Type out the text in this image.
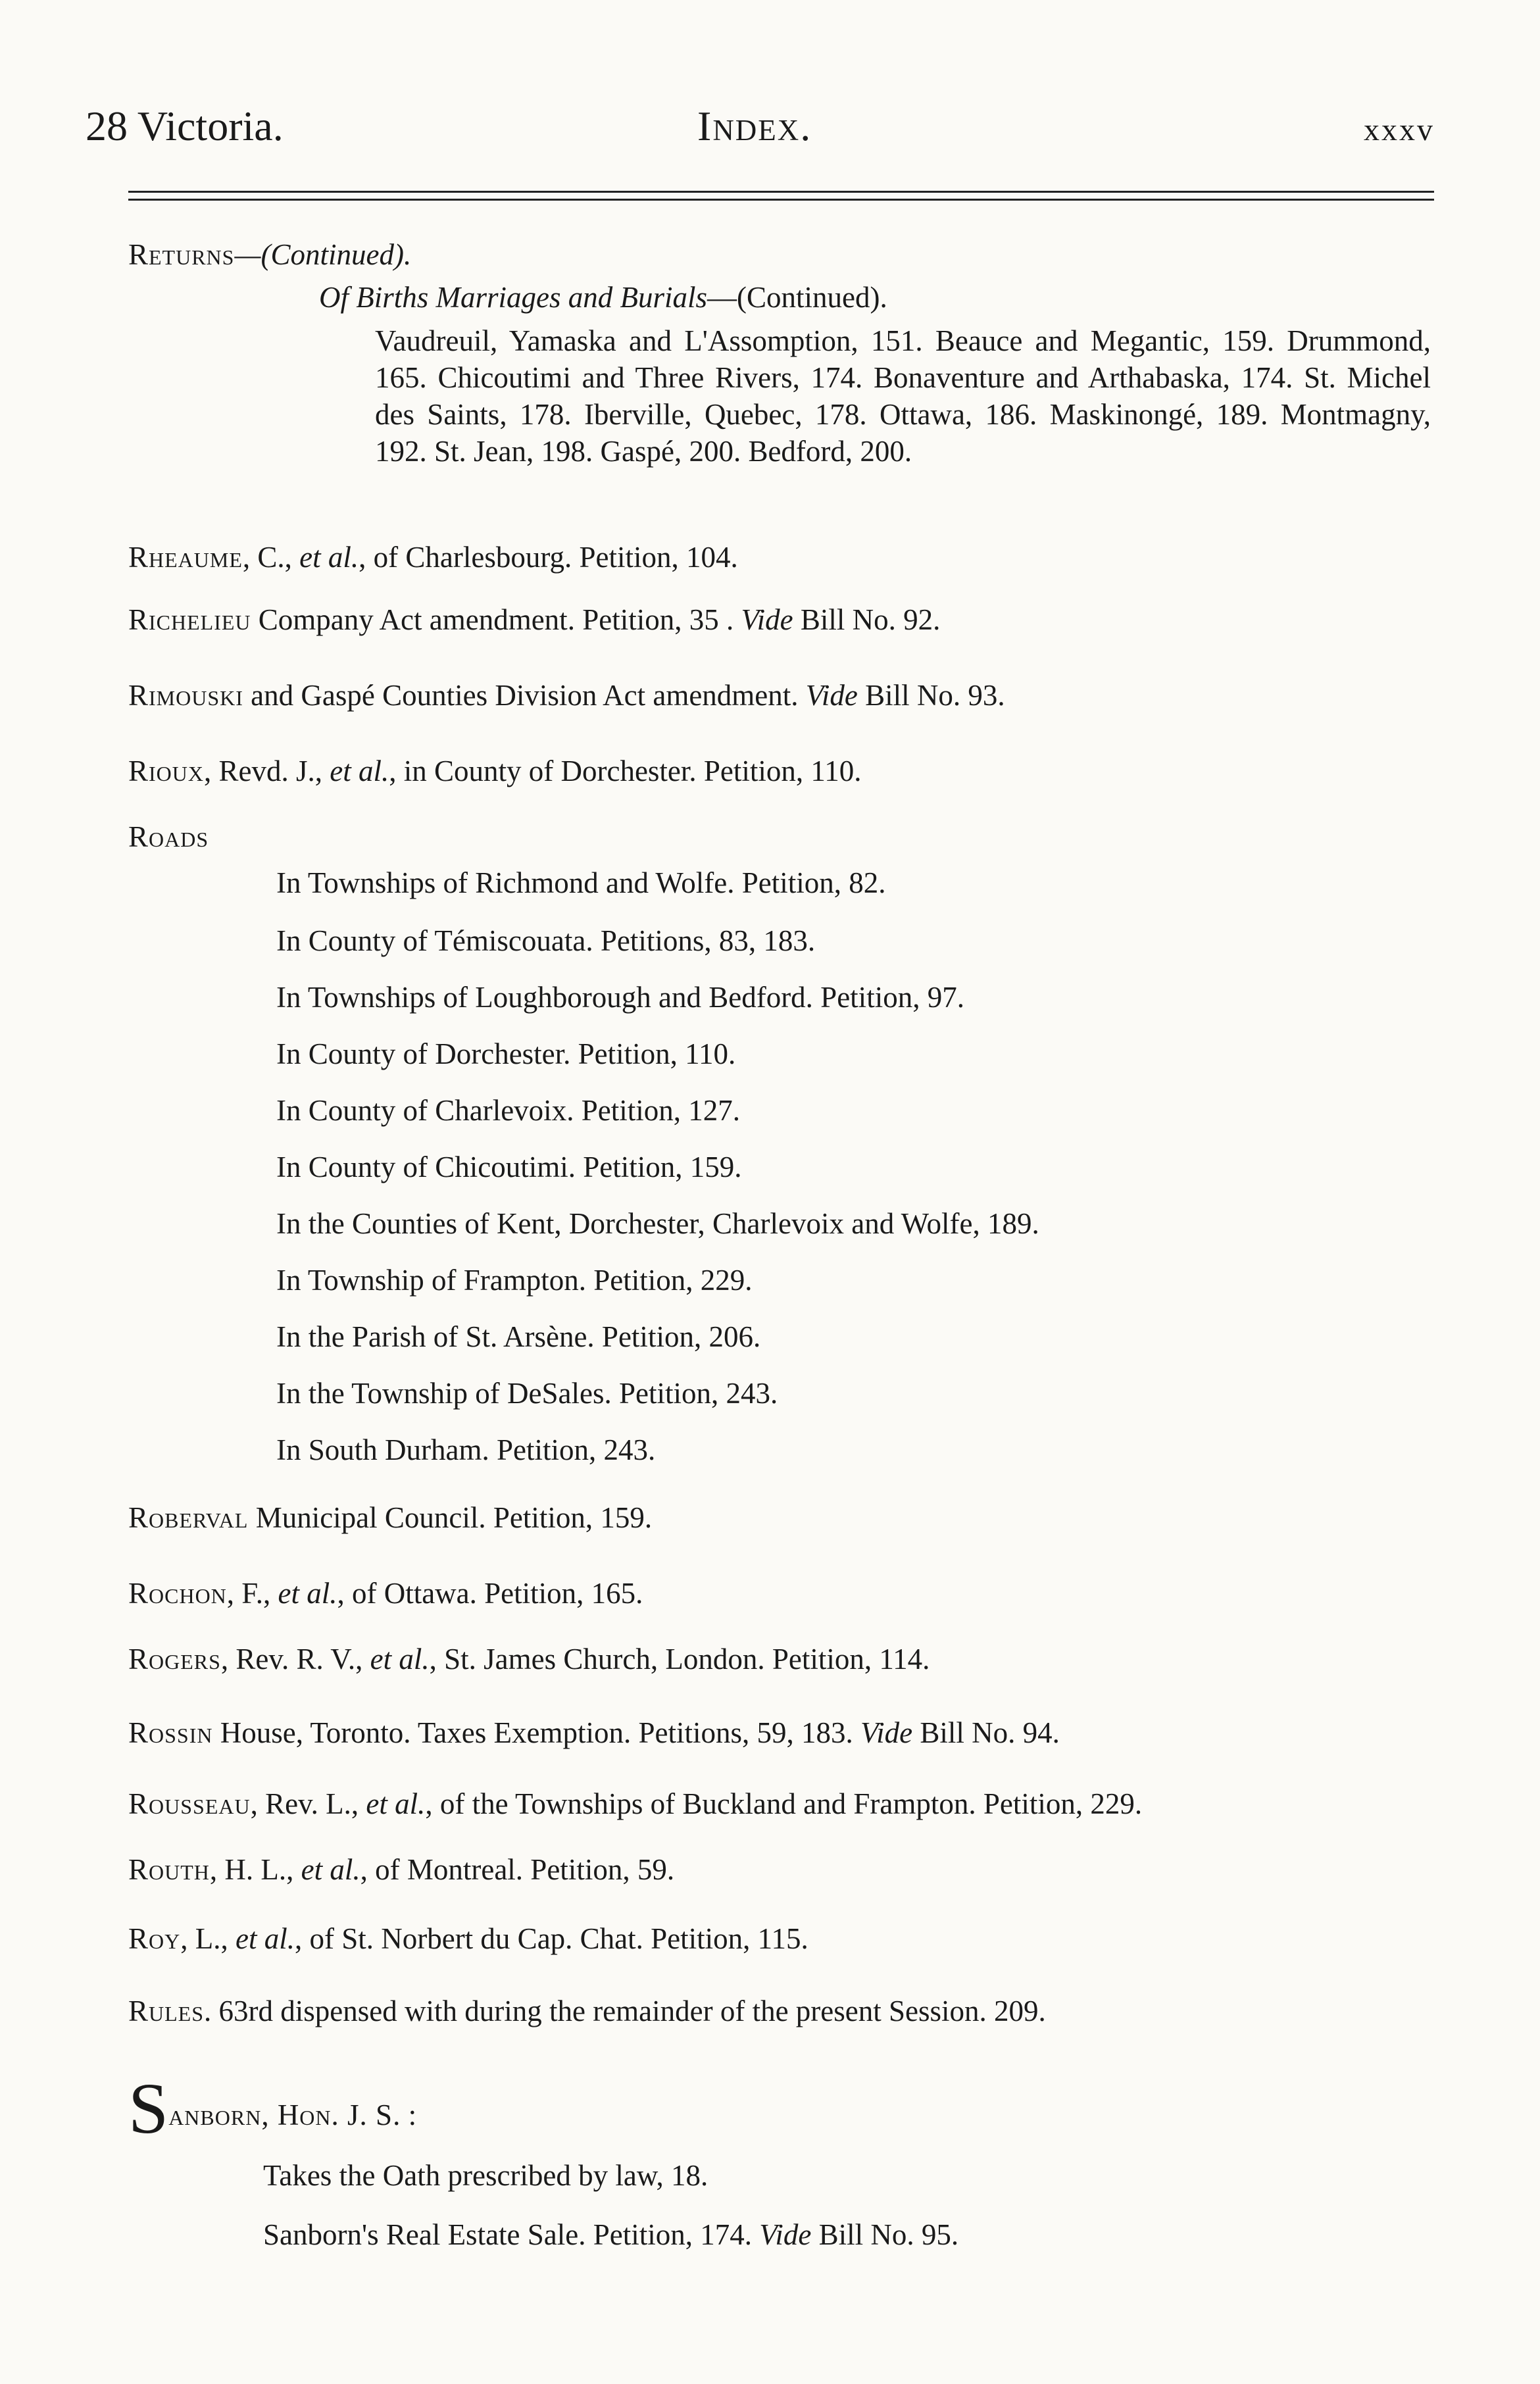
28 Victoria.	Index.	xxxv
Returns—(Continued).
Of Births Marriages and Burials—(Continued).
Vaudreuil, Yamaska and L'Assomption, 151. Beauce and Megantic, 159. Drummond, 165. Chicoutimi and Three Rivers, 174. Bonaventure and Arthabaska, 174. St. Michel des Saints, 178. Iberville, Quebec, 178. Ottawa, 186. Maskinongé, 189. Montmagny, 192. St. Jean, 198. Gaspé, 200. Bedford, 200.
Rheaume, C., et al., of Charlesbourg. Petition, 104.
Richelieu Company Act amendment. Petition, 35 . Vide Bill No. 92.
Rimouski and Gaspé Counties Division Act amendment. Vide Bill No. 93.
Rioux, Revd. J., et al., in County of Dorchester. Petition, 110.
Roads
In Townships of Richmond and Wolfe. Petition, 82.
In County of Témiscouata. Petitions, 83, 183.
In Townships of Loughborough and Bedford. Petition, 97.
In County of Dorchester. Petition, 110.
In County of Charlevoix. Petition, 127.
In County of Chicoutimi. Petition, 159.
In the Counties of Kent, Dorchester, Charlevoix and Wolfe, 189.
In Township of Frampton. Petition, 229.
In the Parish of St. Arsène. Petition, 206.
In the Township of DeSales. Petition, 243.
In South Durham. Petition, 243.
Roberval Municipal Council. Petition, 159.
Rochon, F., et al., of Ottawa. Petition, 165.
Rogers, Rev. R. V., et al., St. James Church, London. Petition, 114.
Rossin House, Toronto. Taxes Exemption. Petitions, 59, 183. Vide Bill No. 94.
Rousseau, Rev. L., et al., of the Townships of Buckland and Frampton. Petition, 229.
Routh, H. L., et al., of Montreal. Petition, 59.
Roy, L., et al., of St. Norbert du Cap. Chat. Petition, 115.
Rules. 63rd dispensed with during the remainder of the present Session. 209.
Sanborn, Hon. J. S. :
Takes the Oath prescribed by law, 18.
Sanborn's Real Estate Sale. Petition, 174. Vide Bill No. 95.
